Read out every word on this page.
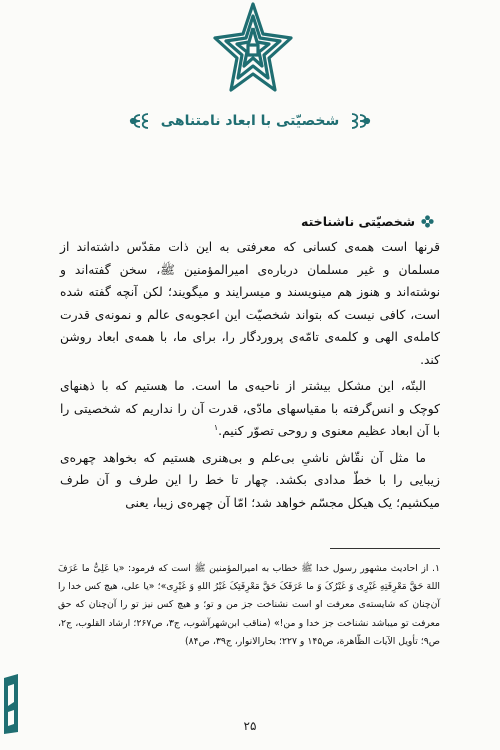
شخصیّتی با ابعاد نامتناهی
شخصیّتی ناشناخته

قرنها است همه‌ی کسانی که معرفتی به این ذات مقدّس داشته‌اند از مسلمان و غیر مسلمان درباره‌ی امیرالمؤمنین ﷺ، سخن گفته‌اند و نوشته‌اند و هنوز هم مینویسند و میسرایند و میگویند؛ لکن آنچه گفته شده است، کافی نیست که بتواند شخصیّت این اعجوبه‌ی عالم و نمونه‌ی قدرت کامله‌ی الهی و کلمه‌ی تامّه‌ی پروردگار را، برای ما، با همه‌ی ابعاد روشن کند.

البتّه، این مشکل بیشتر از ناحیه‌ی ما است. ما هستیم که با ذهنهای کوچک و انس‌گرفته با مقیاسهای مادّی، قدرت آن را نداریم که شخصیتی را با آن ابعاد عظیم معنوی و روحی تصوّر کنیم.$^۱$

ما مثل آن نقّاش ناشیِ بی‌علم و بی‌هنری هستیم که بخواهد چهره‌ی زیبایی را با خطّ مدادی بکشد. چهار تا خط را این طرف و آن طرف میکشیم؛ یک هیکل مجسّم خواهد شد؛ امّا آن چهره‌ی زیبا، یعنی

۱. از احادیث مشهور رسول خدا ﷺ خطاب به امیرالمؤمنین ﷺ است که فرمود: «یا عَلِیُّ ما عَرَفَ اللهَ حَقَّ مَعْرِفَتِهِ غَیْرِی وَ غَیْرُکَ وَ ما عَرَفَکَ حَقَّ مَعْرِفَتِکَ غَیْرُ اللهِ وَ غَیْرِی»؛ «یا علی، هیچ کس خدا را آن‌چنان که شایسته‌ی معرفت او است نشناخت جز من و تو؛ و هیچ کس نیز تو را آن‌چنان که حق معرفت تو میباشد نشناخت جز خدا و من!» (مناقب ابن‌شهرآشوب، ج۳، ص۲۶۷؛ ارشاد القلوب، ج۲، ص۹؛ تأویل الآیات الظّاهرة، ص۱۴۵ و ۲۲۷؛ بحارالانوار، ج۳۹، ص۸۴)

۲۵
